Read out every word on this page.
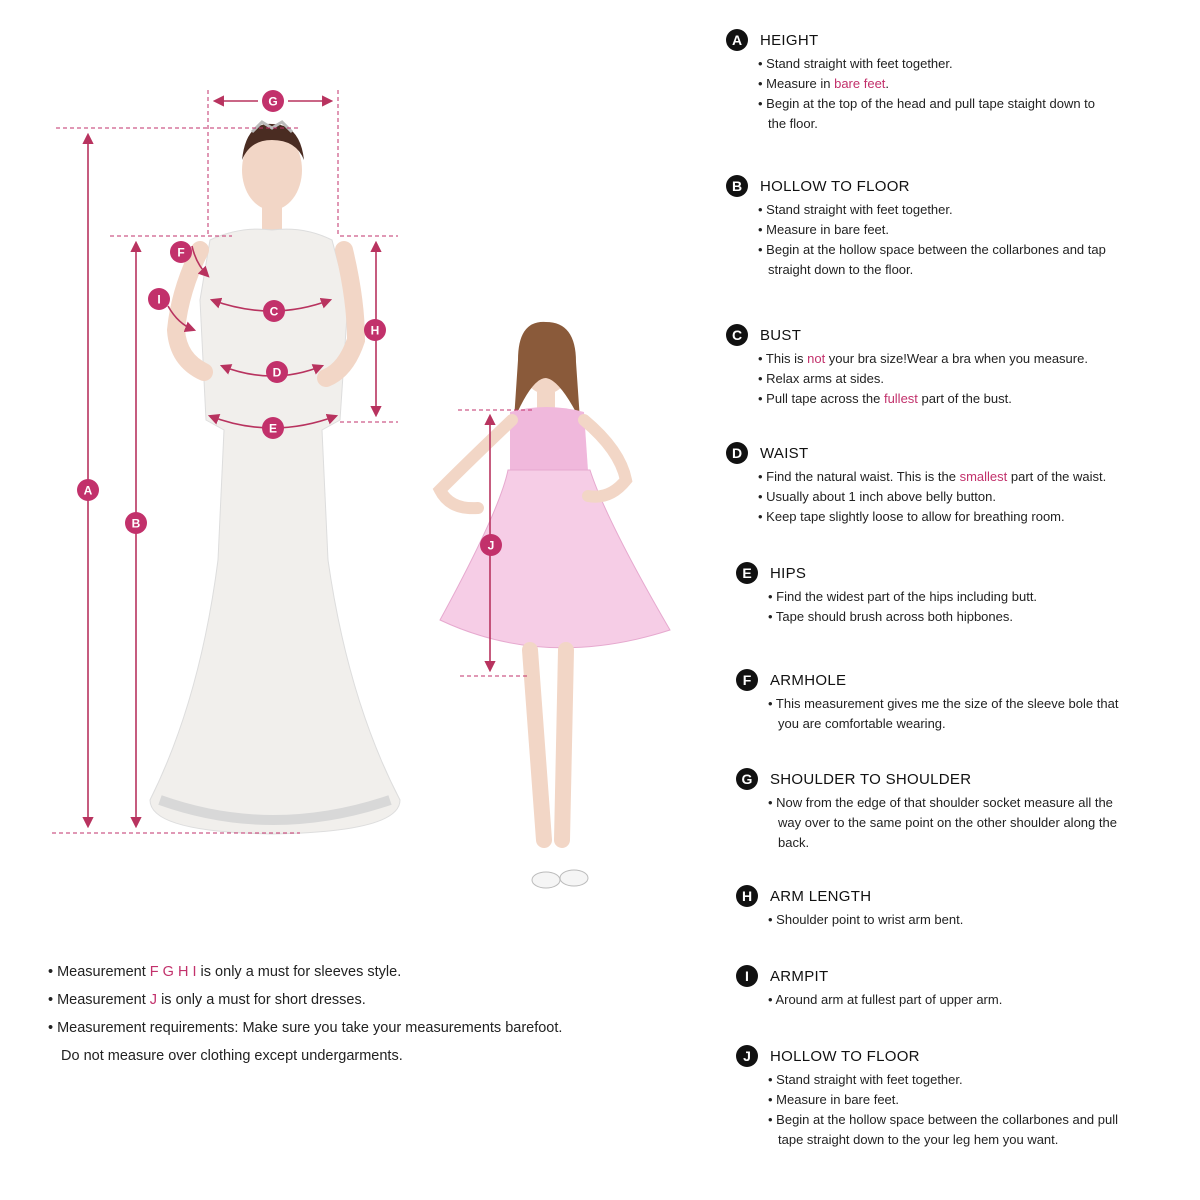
A
B
C
D
E
F
G
H
I
J
A	HEIGHT
• Stand straight with feet together.
• Measure in bare feet.
• Begin at the top of the head and pull tape staight down to
the floor.
B	HOLLOW TO FLOOR
• Stand straight with feet together.
• Measure in bare feet.
• Begin at the hollow space between the collarbones and tap
straight down to the floor.
C	BUST
• This is not your bra size!Wear a bra when you measure.
• Relax arms at sides.
• Pull tape across the fullest part of the bust.
D	WAIST
• Find the natural waist. This is the smallest part of the waist.
• Usually about 1 inch above belly button.
• Keep tape slightly loose to allow for breathing room.
E	HIPS
• Find the widest part of the hips including butt.
• Tape should brush across both hipbones.
F	ARMHOLE
• This measurement gives me the size of the sleeve bole that
you are comfortable wearing.
G	SHOULDER TO SHOULDER
• Now from the edge of that shoulder socket measure all the
way over to the same point on the other shoulder along the
back.
H	ARM LENGTH
• Shoulder point to wrist arm bent.
I	ARMPIT
• Around arm at fullest part of upper arm.
J	HOLLOW TO FLOOR
• Stand straight with feet together.
• Measure in bare feet.
• Begin at the hollow space between the collarbones and pull
tape straight down to the your leg hem you want.
• Measurement F G H I is only a must for sleeves style.
• Measurement J is only a must for short dresses.
• Measurement requirements: Make sure you take your measurements barefoot.
Do not measure over clothing except undergarments.
